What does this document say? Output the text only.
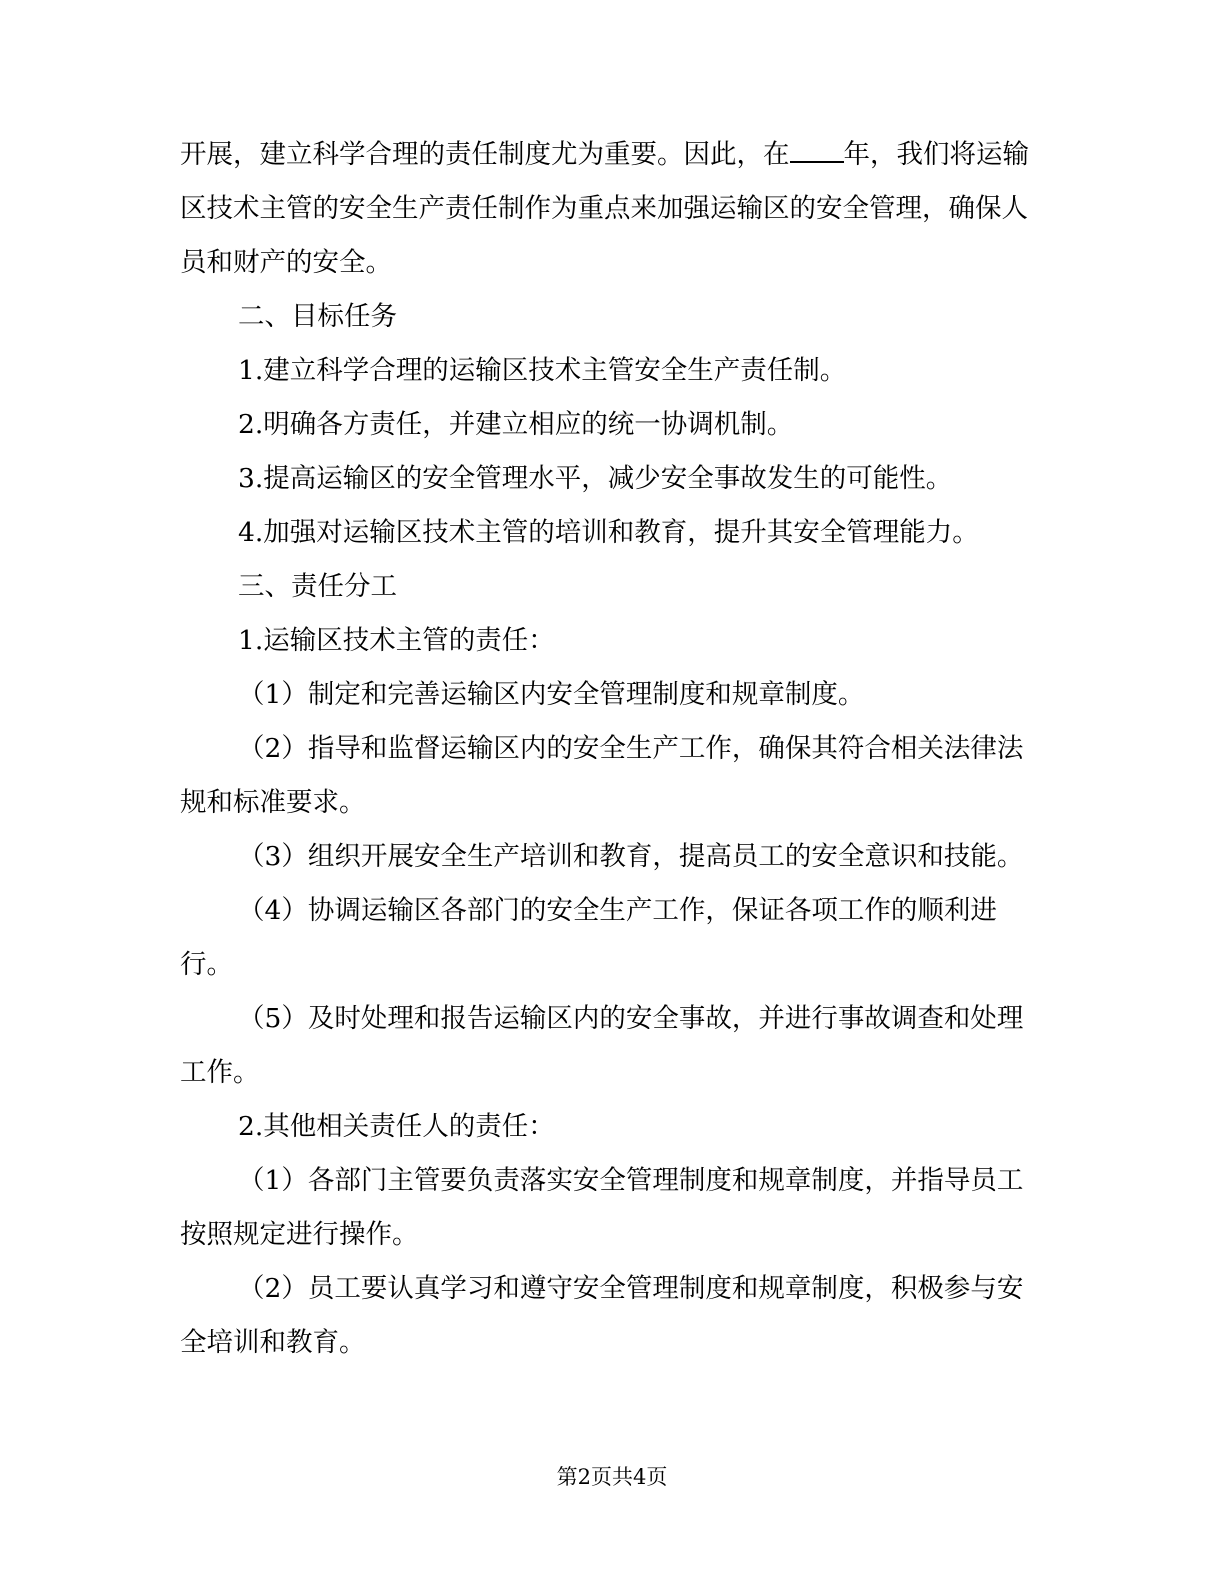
开展，建立科学合理的责任制度尤为重要。因此，在 年，我们将运输区技术主管的安全生产责任制作为重点来加强运输区的安全管理，确保人员和财产的安全。

二、目标任务

1.建立科学合理的运输区技术主管安全生产责任制。

2.明确各方责任，并建立相应的统一协调机制。

3.提高运输区的安全管理水平，减少安全事故发生的可能性。

4.加强对运输区技术主管的培训和教育，提升其安全管理能力。

三、责任分工

1.运输区技术主管的责任：

（1）制定和完善运输区内安全管理制度和规章制度。

（2）指导和监督运输区内的安全生产工作，确保其符合相关法律法规和标准要求。

（3）组织开展安全生产培训和教育，提高员工的安全意识和技能。

（4）协调运输区各部门的安全生产工作，保证各项工作的顺利进行。

（5）及时处理和报告运输区内的安全事故，并进行事故调查和处理工作。

2.其他相关责任人的责任：

（1）各部门主管要负责落实安全管理制度和规章制度，并指导员工按照规定进行操作。

（2）员工要认真学习和遵守安全管理制度和规章制度，积极参与安全培训和教育。

第2页共4页
